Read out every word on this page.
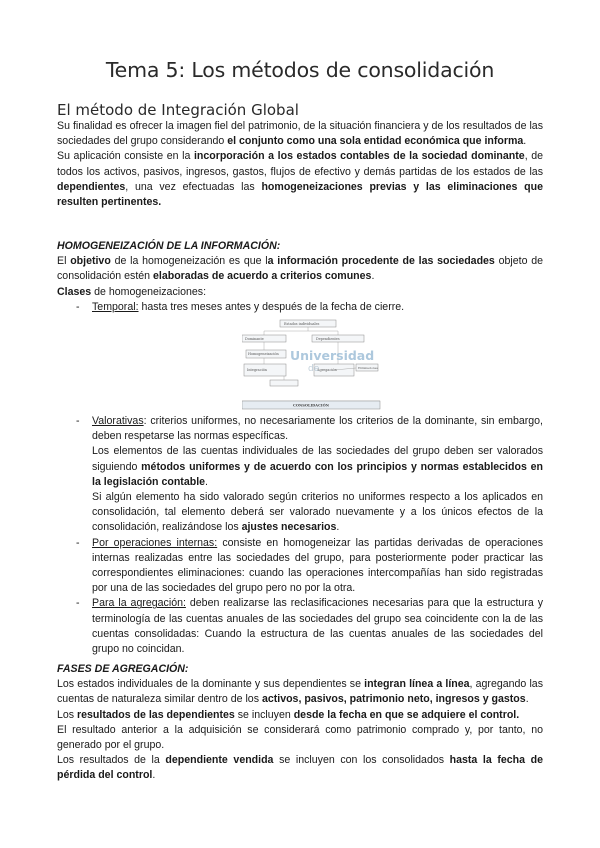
Tema 5: Los métodos de consolidación
El método de Integración Global

Su finalidad es ofrecer la imagen fiel del patrimonio, de la situación financiera y de los resultados de las sociedades del grupo considerando el conjunto como una sola entidad económica que informa.

Su aplicación consiste en la incorporación a los estados contables de la sociedad dominante, de todos los activos, pasivos, ingresos, gastos, flujos de efectivo y demás partidas de los estados de las dependientes, una vez efectuadas las homogeneizaciones previas y las eliminaciones que resulten pertinentes.

HOMOGENEIZACIÓN DE LA INFORMACIÓN:

El objetivo de la homogeneización es que la información procedente de las sociedades objeto de consolidación estén elaboradas de acuerdo a criterios comunes.

Clases de homogeneizaciones:

- Temporal: hasta tres meses antes y después de la fecha de cierre.
Estados individuales
Dominante	Dependientes
Homogeneización
Integración	Agregación	Eliminaciones
Universidad
de
CONSOLIDACIÓN
- Valorativas: criterios uniformes, no necesariamente los criterios de la dominante, sin embargo, deben respetarse las normas específicas.

Los elementos de las cuentas individuales de las sociedades del grupo deben ser valorados siguiendo métodos uniformes y de acuerdo con los principios y normas establecidos en la legislación contable.

Si algún elemento ha sido valorado según criterios no uniformes respecto a los aplicados en consolidación, tal elemento deberá ser valorado nuevamente y a los únicos efectos de la consolidación, realizándose los ajustes necesarios.

- Por operaciones internas: consiste en homogeneizar las partidas derivadas de operaciones internas realizadas entre las sociedades del grupo, para posteriormente poder practicar las correspondientes eliminaciones: cuando las operaciones intercompañías han sido registradas por una de las sociedades del grupo pero no por la otra.
- Para la agregación: deben realizarse las reclasificaciones necesarias para que la estructura y terminología de las cuentas anuales de las sociedades del grupo sea coincidente con la de las cuentas consolidadas: Cuando la estructura de las cuentas anuales de las sociedades del grupo no coincidan.

FASES DE AGREGACIÓN:

Los estados individuales de la dominante y sus dependientes se integran línea a línea, agregando las cuentas de naturaleza similar dentro de los activos, pasivos, patrimonio neto, ingresos y gastos.

Los resultados de las dependientes se incluyen desde la fecha en que se adquiere el control.

El resultado anterior a la adquisición se considerará como patrimonio comprado y, por tanto, no generado por el grupo.

Los resultados de la dependiente vendida se incluyen con los consolidados hasta la fecha de pérdida del control.
